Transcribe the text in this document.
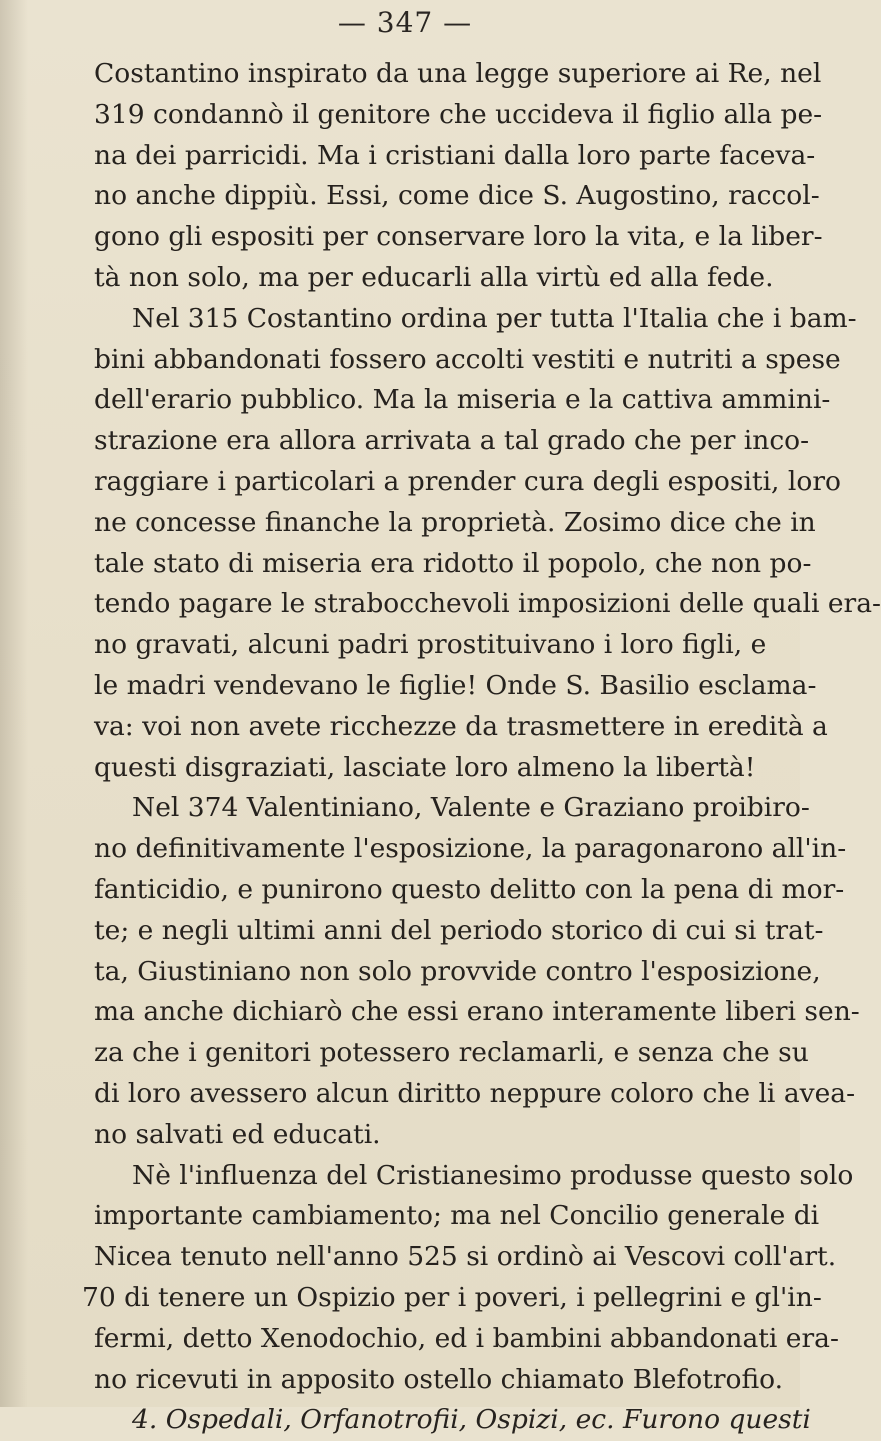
— 347 —
Costantino inspirato da una legge superiore ai Re, nel
319 condannò il genitore che uccideva il figlio alla pe-
na dei parricidi. Ma i cristiani dalla loro parte faceva-
no anche dippiù. Essi, come dice S. Augostino, raccol-
gono gli espositi per conservare loro la vita, e la liber-
tà non solo, ma per educarli alla virtù ed alla fede.
Nel 315 Costantino ordina per tutta l'Italia che i bam-
bini abbandonati fossero accolti vestiti e nutriti a spese
dell'erario pubblico. Ma la miseria e la cattiva ammini-
strazione era allora arrivata a tal grado che per inco-
raggiare i particolari a prender cura degli espositi, loro
ne concesse finanche la proprietà. Zosimo dice che in
tale stato di miseria era ridotto il popolo, che non po-
tendo pagare le strabocchevoli imposizioni delle quali era-
no gravati, alcuni padri prostituivano i loro figli, e
le madri vendevano le figlie! Onde S. Basilio esclama-
va: voi non avete ricchezze da trasmettere in eredità a
questi disgraziati, lasciate loro almeno la libertà!
Nel 374 Valentiniano, Valente e Graziano proibiro-
no definitivamente l'esposizione, la paragonarono all'in-
fanticidio, e punirono questo delitto con la pena di mor-
te; e negli ultimi anni del periodo storico di cui si trat-
ta, Giustiniano non solo provvide contro l'esposizione,
ma anche dichiarò che essi erano interamente liberi sen-
za che i genitori potessero reclamarli, e senza che su
di loro avessero alcun diritto neppure coloro che li avea-
no salvati ed educati.
Nè l'influenza del Cristianesimo produsse questo solo
importante cambiamento; ma nel Concilio generale di
Nicea tenuto nell'anno 525 si ordinò ai Vescovi coll'art.
70 di tenere un Ospizio per i poveri, i pellegrini e gl'in-
fermi, detto Xenodochio, ed i bambini abbandonati era-
no ricevuti in apposito ostello chiamato Blefotrofio.
4. Ospedali, Orfanotrofii, Ospizi, ec. Furono questi
